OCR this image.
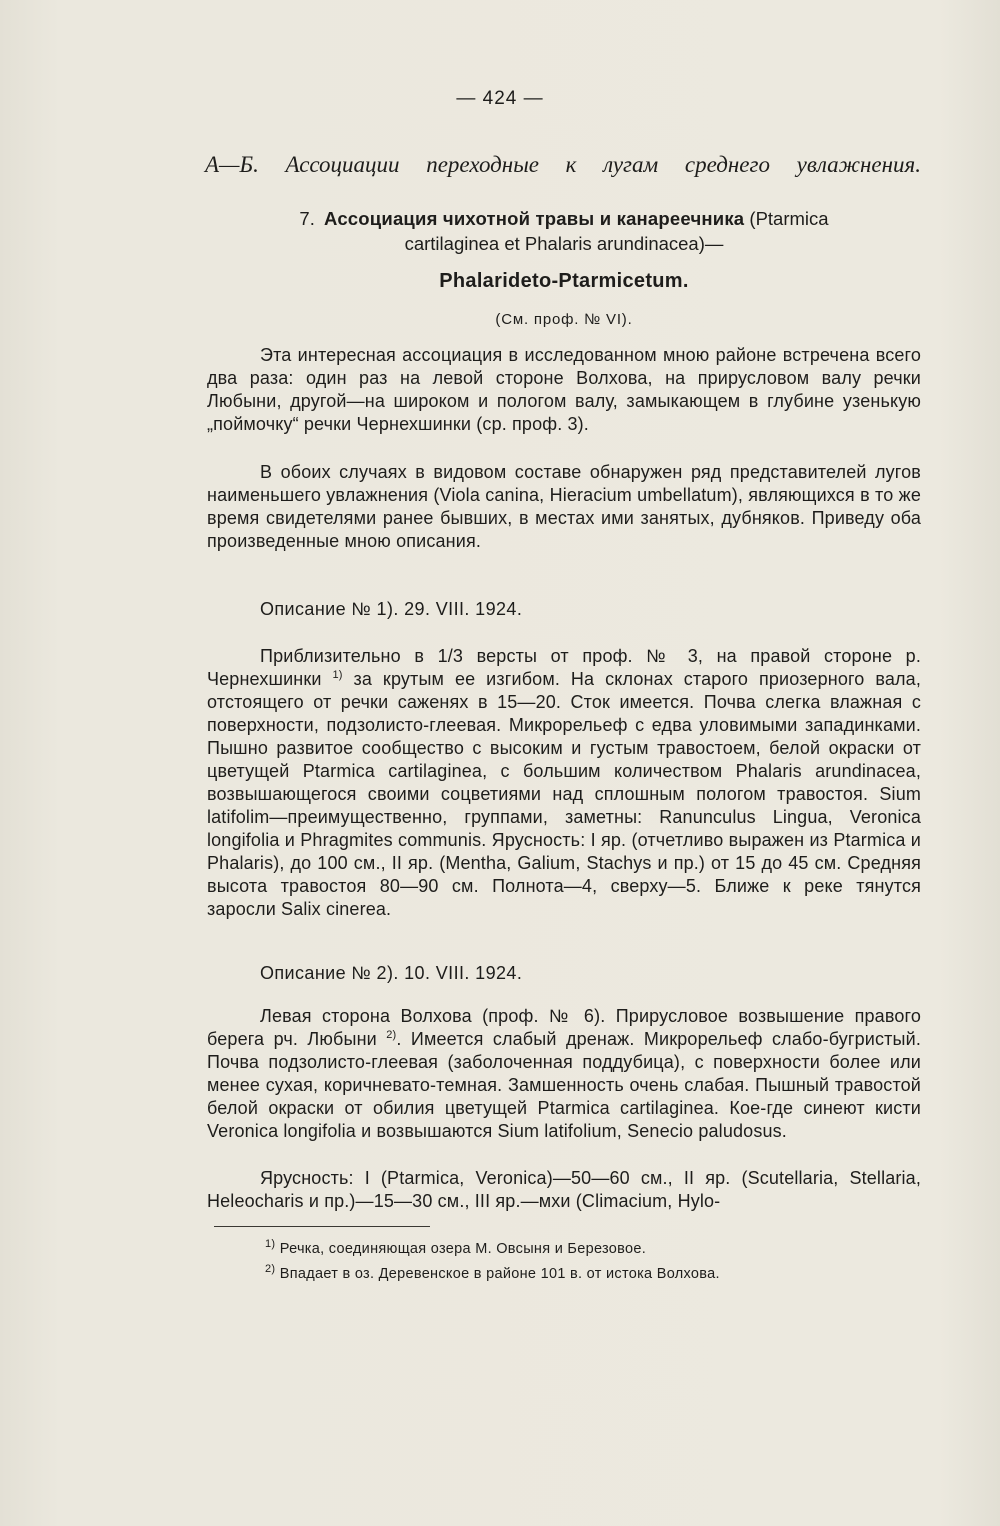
— 424 —
А—Б. Ассоциации переходные к лугам среднего увлажнения.
7. Ассоциация чихотной травы и канареечника (Ptarmica
cartilaginea et Phalaris arundinacea)—
Phalarideto-Ptarmicetum.
(См. проф. № VI).

Эта интересная ассоциация в исследованном мною районе встречена всего два раза: один раз на левой стороне Волхова, на прирусловом валу речки Любыни, другой—на широком и пологом валу, замыкающем в глубине узенькую „поймочку“ речки Чернехшинки (ср. проф. 3).

В обоих случаях в видовом составе обнаружен ряд представителей лугов наименьшего увлажнения (Viola canina, Hieracium umbellatum), являющихся в то же время свидетелями ранее бывших, в местах ими занятых, дубняков. Приведу оба произведенные мною описания.

Описание № 1). 29. VIII. 1924.

Приблизительно в 1/3 версты от проф. № 3, на правой стороне р. Чернехшинки $^{1)}$ за крутым ее изгибом. На склонах старого приозерного вала, отстоящего от речки саженях в 15—20. Сток имеется. Почва слегка влажная с поверхности, подзолисто-глеевая. Микрорельеф с едва уловимыми западинками. Пышно развитое сообщество с высоким и густым травостоем, белой окраски от цветущей Ptarmica cartilaginea, с большим количеством Phalaris arundinacea, возвышающегося своими соцветиями над сплошным пологом травостоя. Sium latifolim—преимущественно, группами, заметны: Ranunculus Lingua, Veronica longifolia и Phragmites communis. Ярусность: I яр. (отчетливо выражен из Ptarmica и Phalaris), до 100 см., II яр. (Mentha, Galium, Stachys и пр.) от 15 до 45 см. Средняя высота травостоя 80—90 см. Полнота—4, сверху—5. Ближе к реке тянутся заросли Salix cinerea.

Описание № 2). 10. VIII. 1924.

Левая сторона Волхова (проф. № 6). Прирусловое возвышение правого берега рч. Любыни $^{2)}$. Имеется слабый дренаж. Микрорельеф слабо-бугристый. Почва подзолисто-глеевая (заболоченная поддубица), с поверхности более или менее сухая, коричневато-темная. Замшенность очень слабая. Пышный травостой белой окраски от обилия цветущей Ptarmica cartilaginea. Кое-где синеют кисти Veronica longifolia и возвышаются Sium latifolium, Senecio paludosus.

Ярусность: I (Ptarmica, Veronica)—50—60 см., II яр. (Scutellaria, Stellaria, Heleocharis и пр.)—15—30 см., III яр.—мхи (Climacium, Hylo-

$^{1)}$ Речка, соединяющая озера М. Овсыня и Березовое.
$^{2)}$ Впадает в оз. Деревенское в районе 101 в. от истока Волхова.
